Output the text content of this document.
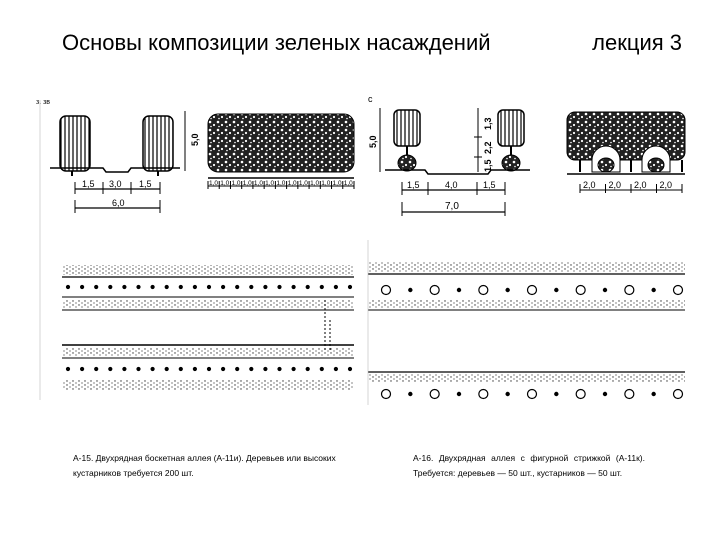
Основы композиции зеленых насаждений	лекция 3
з. зв
5,0
1,5 3,0 1,5
6,0
1,0 1,0 1,0 1,0 1,0 1,0 1,0 1,0 1,0 1,0 1,0 1,0 1,0
с
5,0
1,3
2,2
1,5
1,5	4,0	1,5
7,0
2,0 2,0 2,0 2,0
А-15. Двухрядная боскетная аллея (А-11и). Деревьев или высоких кустарников требуется 200 шт.
А-16. Двухрядная аллея с фигурной стрижкой (А-11к). Требуется: деревьев — 50 шт., кустарников — 50 шт.
